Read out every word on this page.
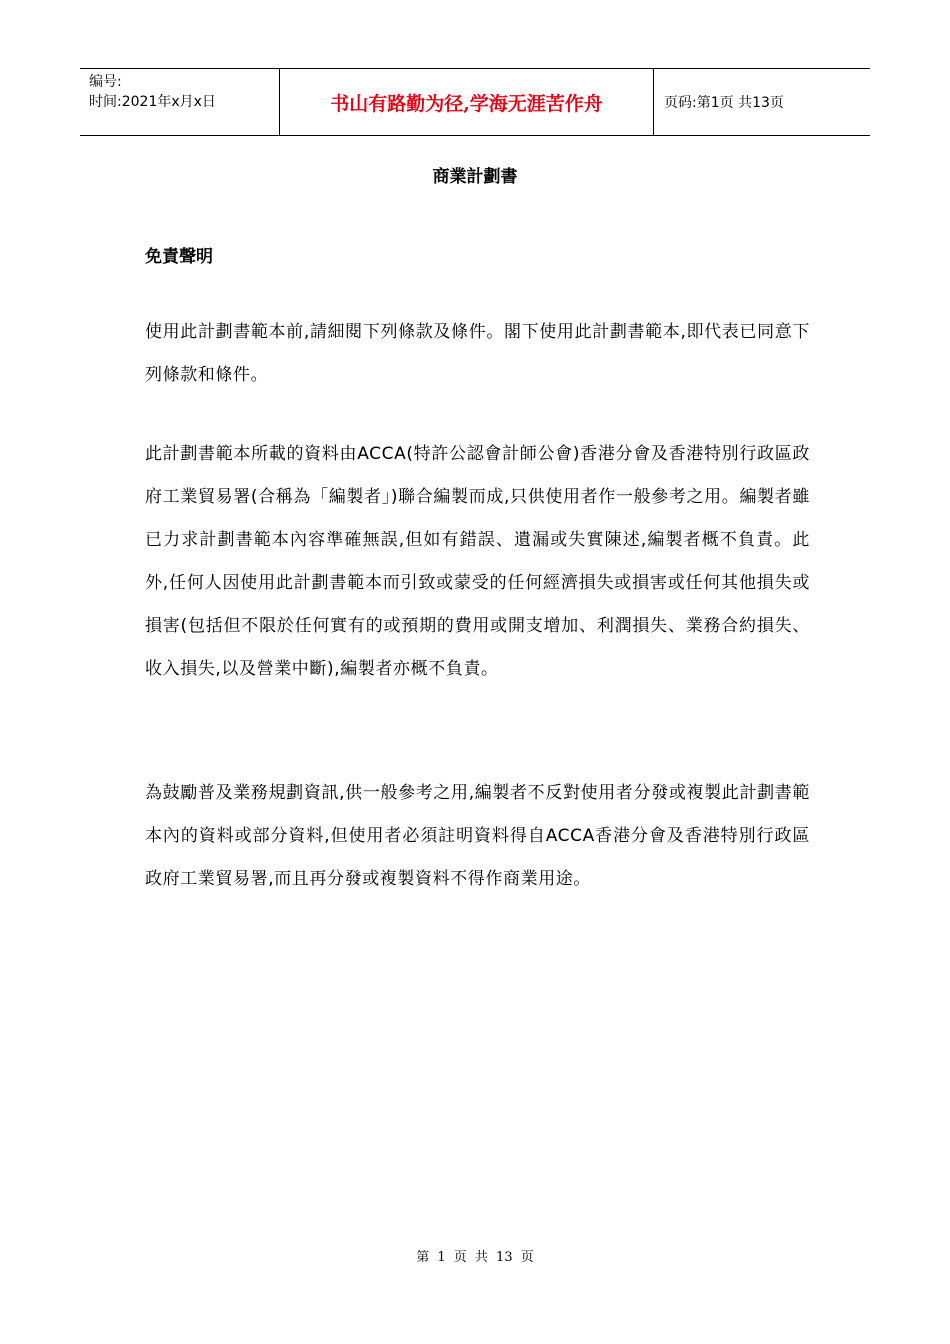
编号:
时间:2021年x月x日	书山有路勤为径,学海无涯苦作舟	页码:第1页 共13页
商業計劃書
免責聲明
使用此計劃書範本前,請細閱下列條款及條件。閣下使用此計劃書範本,即代表已同意下列條款和條件。
此計劃書範本所載的資料由ACCA(特許公認會計師公會)香港分會及香港特別行政區政府工業貿易署(合稱為「編製者」)聯合編製而成,只供使用者作一般參考之用。編製者雖已力求計劃書範本內容準確無誤,但如有錯誤、遺漏或失實陳述,編製者概不負責。此外,任何人因使用此計劃書範本而引致或蒙受的任何經濟損失或損害或任何其他損失或損害(包括但不限於任何實有的或預期的費用或開支增加、利潤損失、業務合約損失、收入損失,以及營業中斷),編製者亦概不負責。
為鼓勵普及業務規劃資訊,供一般參考之用,編製者不反對使用者分發或複製此計劃書範本內的資料或部分資料,但使用者必須註明資料得自ACCA香港分會及香港特別行政區政府工業貿易署,而且再分發或複製資料不得作商業用途。
第 1 页 共 13 页
